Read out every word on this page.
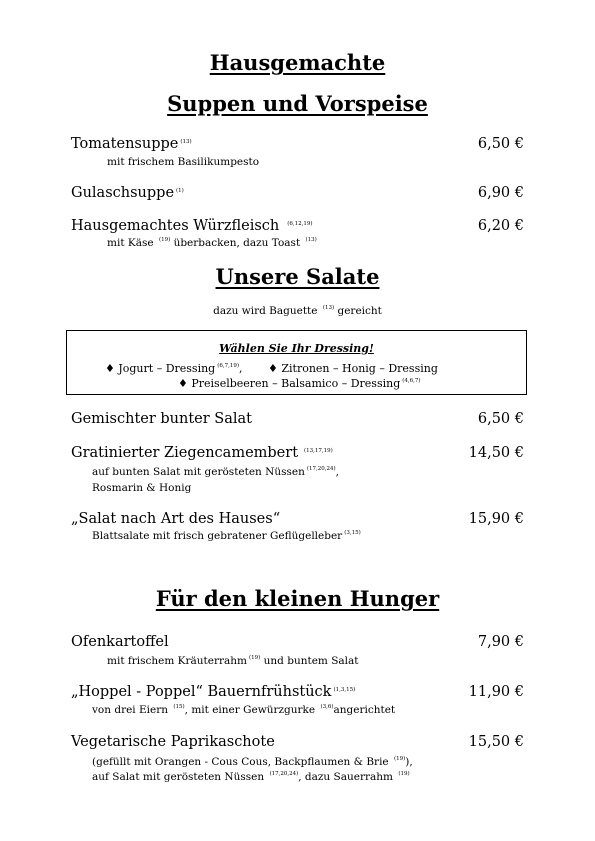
Hausgemachte
Suppen und Vorspeise
Tomatensuppe $^{(13)}$	6,50 €
mit frischem Basilikumpesto
Gulaschsuppe $^{(1)}$	6,90 €
Hausgemachtes Würzfleisch $^{(6,12,19)}$	6,20 €
mit Käse $^{(19)}$ überbacken, dazu Toast $^{(13)}$
Unsere Salate
dazu wird Baguette $^{(13)}$ gereicht
Wählen Sie Ihr Dressing!
♦ Jogurt – Dressing $^{(6,7,19)}$, ♦ Zitronen – Honig – Dressing
♦ Preiselbeeren – Balsamico – Dressing $^{(4,6,7)}$
Gemischter bunter Salat	6,50 €
Gratinierter Ziegencamembert $^{(13,17,19)}$	14,50 €
auf bunten Salat mit gerösteten Nüssen $^{(17,20,24)}$,
Rosmarin & Honig
„Salat nach Art des Hauses“	15,90 €
Blattsalate mit frisch gebratener Geflügelleber $^{(3,15)}$
Für den kleinen Hunger
Ofenkartoffel	7,90 €
mit frischem Kräuterrahm $^{(19)}$ und buntem Salat
„Hoppel - Poppel“ Bauernfrühstück $^{(1,3,15)}$	11,90 €
von drei Eiern $^{(15)}$, mit einer Gewürzgurke $^{(3,6)}$angerichtet
Vegetarische Paprikaschote	15,50 €
(gefüllt mit Orangen - Cous Cous, Backpflaumen & Brie $^{(19)}$),
auf Salat mit gerösteten Nüssen $^{(17,20,24)}$, dazu Sauerrahm $^{(19)}$
